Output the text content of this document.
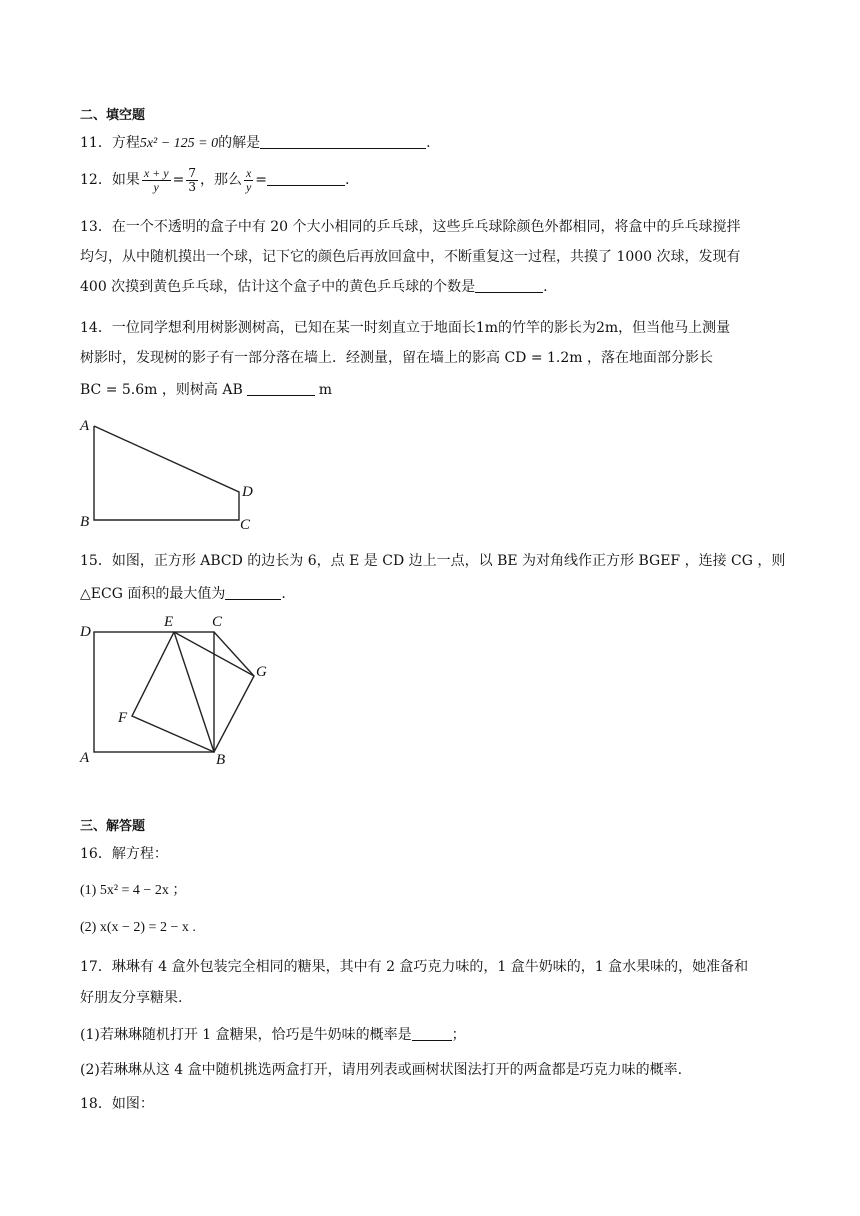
二、填空题
11．方程5x² − 125 = 0的解是	.
12．如果 $\frac{x + y}{y} = \frac{7}{3}$ ，那么 $\frac{x}{y}$ =	.
13．在一个不透明的盒子中有 20 个大小相同的乒乓球，这些乒乓球除颜色外都相同，将盒中的乒乓球搅拌
均匀，从中随机摸出一个球，记下它的颜色后再放回盒中，不断重复这一过程，共摸了 1000 次球，发现有
400 次摸到黄色乒乓球，估计这个盒子中的黄色乒乓球的个数是	.
14．一位同学想利用树影测树高，已知在某一时刻直立于地面长1m的竹竿的影长为2m，但当他马上测量
树影时，发现树的影子有一部分落在墙上．经测量，留在墙上的影高 CD = 1.2m ，落在地面部分影长
BC = 5.6m ，则树高 AB	m
A
B	C
D
15．如图，正方形 ABCD 的边长为 6，点 E 是 CD 边上一点，以 BE 为对角线作正方形 BGEF ，连接 CG ，则
△ECG 面积的最大值为	.
D
A	B
C
E
F
G
三、解答题
16．解方程：
(1) 5x² = 4 − 2x ；
(2) x(x − 2) = 2 − x .
17．琳琳有 4 盒外包装完全相同的糖果，其中有 2 盒巧克力味的，1 盒牛奶味的，1 盒水果味的，她准备和
好朋友分享糖果.
(1)若琳琳随机打开 1 盒糖果，恰巧是牛奶味的概率是	；
(2)若琳琳从这 4 盒中随机挑选两盒打开，请用列表或画树状图法打开的两盒都是巧克力味的概率.
18．如图：
